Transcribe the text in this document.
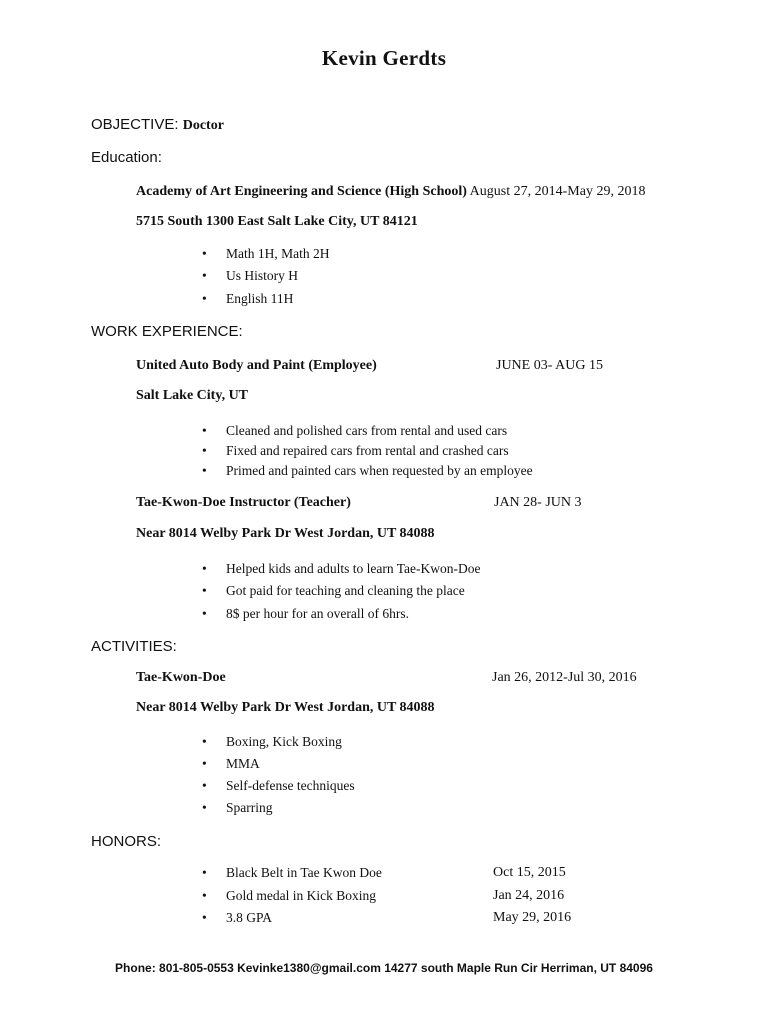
Kevin Gerdts
OBJECTIVE: Doctor
Education:
Academy of Art Engineering and Science (High School) August 27, 2014-May 29, 2018
5715 South 1300 East Salt Lake City, UT 84121
• Math 1H, Math 2H
• Us History H
• English 11H
WORK EXPERIENCE:
United Auto Body and Paint (Employee)	JUNE 03- AUG 15
Salt Lake City, UT
• Cleaned and polished cars from rental and used cars
• Fixed and repaired cars from rental and crashed cars
• Primed and painted cars when requested by an employee
Tae-Kwon-Doe Instructor (Teacher)	JAN 28- JUN 3
Near 8014 Welby Park Dr West Jordan, UT 84088
• Helped kids and adults to learn Tae-Kwon-Doe
• Got paid for teaching and cleaning the place
• 8$ per hour for an overall of 6hrs.
ACTIVITIES:
Tae-Kwon-Doe	Jan 26, 2012-Jul 30, 2016
Near 8014 Welby Park Dr West Jordan, UT 84088
• Boxing, Kick Boxing
• MMA
• Self-defense techniques
• Sparring
HONORS:
• Black Belt in Tae Kwon Doe	Oct 15, 2015
• Gold medal in Kick Boxing	Jan 24, 2016
• 3.8 GPA	May 29, 2016
Phone: 801-805-0553 Kevinke1380@gmail.com 14277 south Maple Run Cir Herriman, UT 84096
